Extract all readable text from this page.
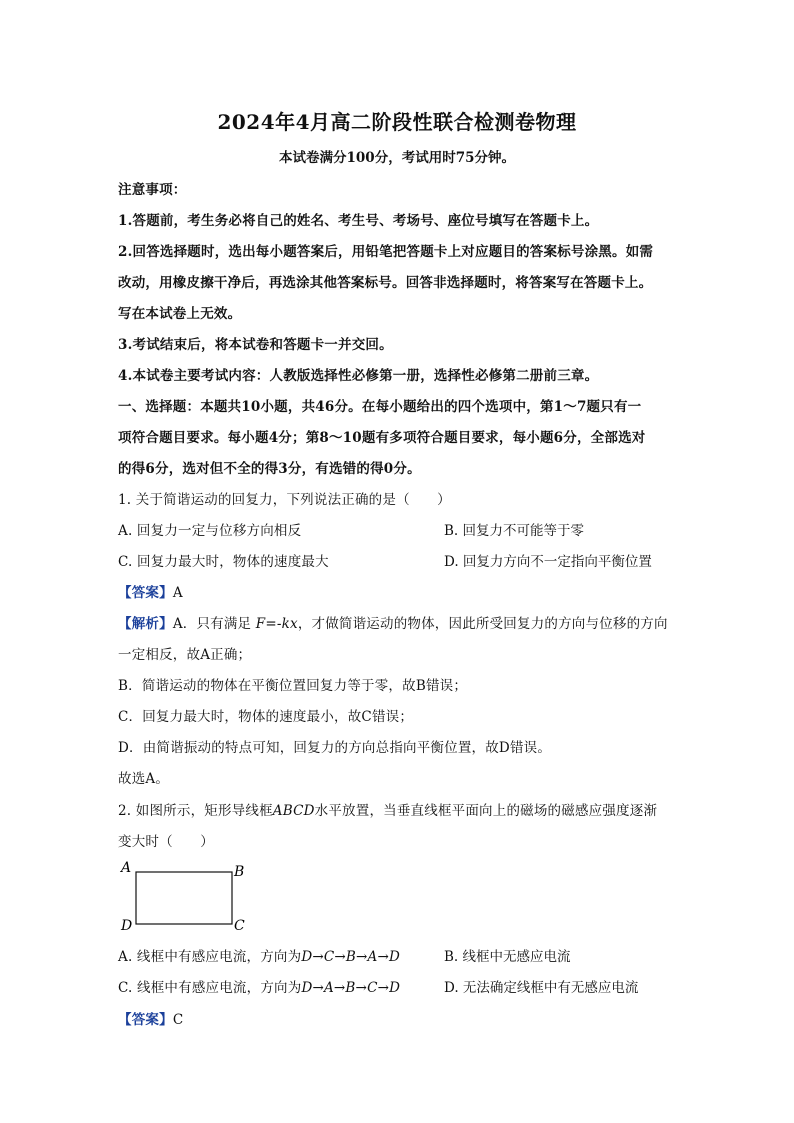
2024年4月高二阶段性联合检测卷物理
本试卷满分100分，考试用时75分钟。
注意事项：
1.答题前，考生务必将自己的姓名、考生号、考场号、座位号填写在答题卡上。
2.回答选择题时，选出每小题答案后，用铅笔把答题卡上对应题目的答案标号涂黑。如需
改动，用橡皮擦干净后，再选涂其他答案标号。回答非选择题时，将答案写在答题卡上。
写在本试卷上无效。
3.考试结束后，将本试卷和答题卡一并交回。
4.本试卷主要考试内容：人教版选择性必修第一册，选择性必修第二册前三章。
一、选择题：本题共10小题，共46分。在每小题给出的四个选项中，第1～7题只有一
项符合题目要求。每小题4分；第8～10题有多项符合题目要求，每小题6分，全部选对
的得6分，选对但不全的得3分，有选错的得0分。
1. 关于简谐运动的回复力，下列说法正确的是（　　）
A. 回复力一定与位移方向相反	B. 回复力不可能等于零
C. 回复力最大时，物体的速度最大	D. 回复力方向不一定指向平衡位置
【答案】A
【解析】A．只有满足 F=-kx，才做简谐运动的物体，因此所受回复力的方向与位移的方向
一定相反，故A正确；
B．简谐运动的物体在平衡位置回复力等于零，故B错误；
C．回复力最大时，物体的速度最小，故C错误；
D．由简谐振动的特点可知，回复力的方向总指向平衡位置，故D错误。
故选A。
2. 如图所示，矩形导线框ABCD水平放置，当垂直线框平面向上的磁场的磁感应强度逐渐
变大时（　　）
A	B
C
D
A. 线框中有感应电流，方向为D→C→B→A→D	B. 线框中无感应电流
C. 线框中有感应电流，方向为D→A→B→C→D	D. 无法确定线框中有无感应电流
【答案】C
